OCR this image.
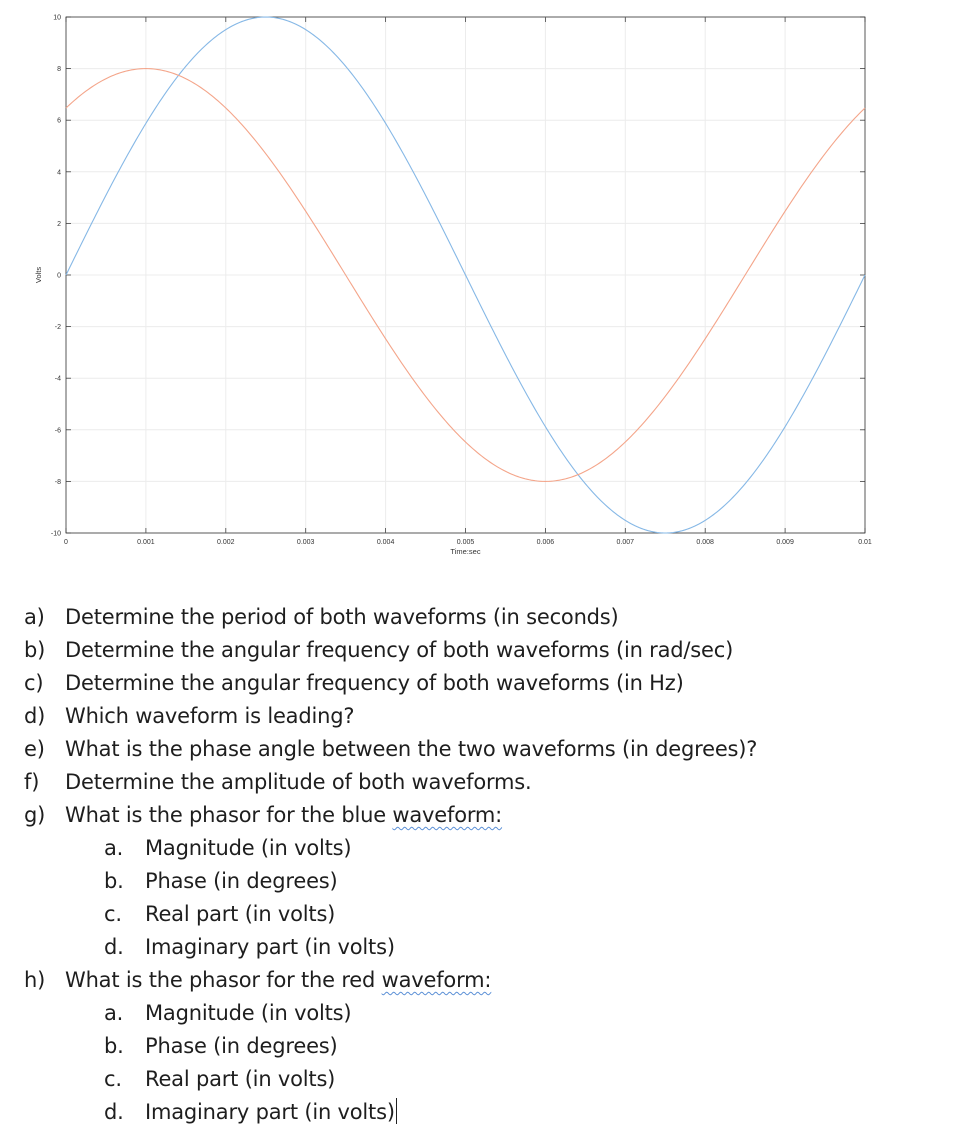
0	0.001	0.002	0.003	0.004	0.005	0.006	0.007	0.008	0.009	0.01
10
8
6
4
2
0
-2
-4
-6
-8
-10
Time:sec
Volts
a) Determine the period of both waveforms (in seconds)
b) Determine the angular frequency of both waveforms (in rad/sec)
c) Determine the angular frequency of both waveforms (in Hz)
d) Which waveform is leading?
e) What is the phase angle between the two waveforms (in degrees)?
f) Determine the amplitude of both waveforms.
g) What is the phasor for the blue waveform:
a. Magnitude (in volts)
b. Phase (in degrees)
c. Real part (in volts)
d. Imaginary part (in volts)
h) What is the phasor for the red waveform:
a. Magnitude (in volts)
b. Phase (in degrees)
c. Real part (in volts)
d. Imaginary part (in volts)
